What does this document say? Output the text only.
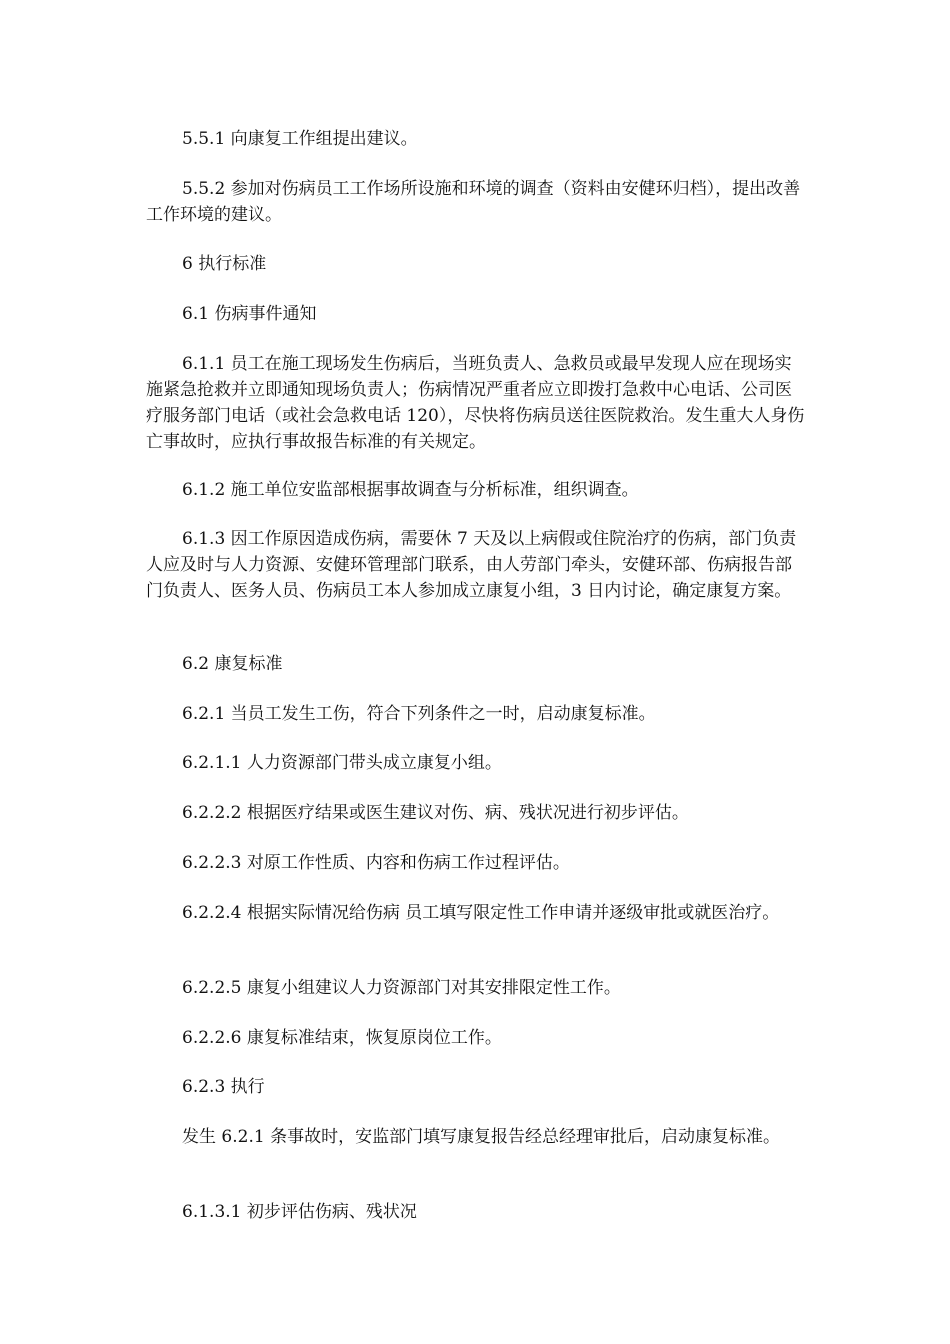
5.5.1 向康复工作组提出建议。

5.5.2 参加对伤病员工工作场所设施和环境的调查（资料由安健环归档），提出改善工作环境的建议。

6 执行标准

6.1 伤病事件通知

6.1.1 员工在施工现场发生伤病后，当班负责人、急救员或最早发现人应在现场实施紧急抢救并立即通知现场负责人；伤病情况严重者应立即拨打急救中心电话、公司医疗服务部门电话（或社会急救电话 120），尽快将伤病员送往医院救治。发生重大人身伤亡事故时，应执行事故报告标准的有关规定。

6.1.2 施工单位安监部根据事故调查与分析标准，组织调查。

6.1.3 因工作原因造成伤病，需要休 7 天及以上病假或住院治疗的伤病，部门负责人应及时与人力资源、安健环管理部门联系，由人劳部门牵头，安健环部、伤病报告部门负责人、医务人员、伤病员工本人参加成立康复小组，3 日内讨论，确定康复方案。

6.2 康复标准

6.2.1 当员工发生工伤，符合下列条件之一时，启动康复标准。

6.2.1.1 人力资源部门带头成立康复小组。

6.2.2.2 根据医疗结果或医生建议对伤、病、残状况进行初步评估。

6.2.2.3 对原工作性质、内容和伤病工作过程评估。

6.2.2.4 根据实际情况给伤病 员工填写限定性工作申请并逐级审批或就医治疗。

6.2.2.5 康复小组建议人力资源部门对其安排限定性工作。

6.2.2.6 康复标准结束，恢复原岗位工作。

6.2.3 执行

发生 6.2.1 条事故时，安监部门填写康复报告经总经理审批后，启动康复标准。

6.1.3.1 初步评估伤病、残状况
